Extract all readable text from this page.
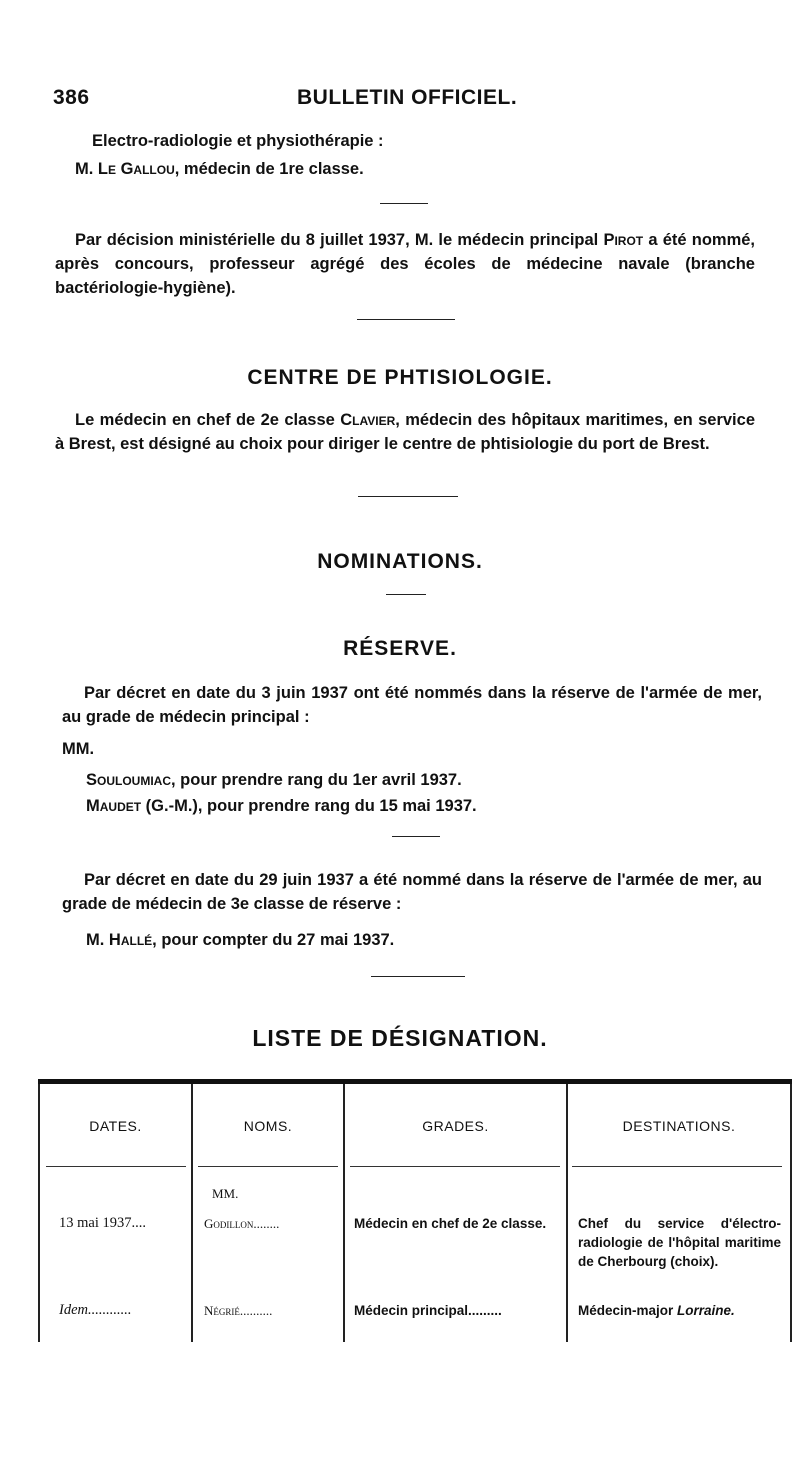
386	BULLETIN OFFICIEL.
Electro-radiologie et physiothérapie :
M. Le Gallou, médecin de 1re classe.
Par décision ministérielle du 8 juillet 1937, M. le médecin principal Pirot a été nommé, après concours, professeur agrégé des écoles de médecine navale (branche bactériologie-hygiène).
CENTRE DE PHTISIOLOGIE.
Le médecin en chef de 2e classe Clavier, médecin des hôpitaux maritimes, en service à Brest, est désigné au choix pour diriger le centre de phtisiologie du port de Brest.
NOMINATIONS.
RÉSERVE.
Par décret en date du 3 juin 1937 ont été nommés dans la réserve de l'armée de mer, au grade de médecin principal :
MM.
Souloumiac, pour prendre rang du 1er avril 1937.
Maudet (G.-M.), pour prendre rang du 15 mai 1937.
Par décret en date du 29 juin 1937 a été nommé dans la réserve de l'armée de mer, au grade de médecin de 3e classe de réserve :
M. Hallé, pour compter du 27 mai 1937.
LISTE DE DÉSIGNATION.
DATES.	NOMS.	GRADES.	DESTINATIONS.
MM.
13 mai 1937....	Godillon........	Médecin en chef de 2e classe.	Chef du service d'électro-radiologie de l'hôpital maritime de Cherbourg (choix).
Idem............	Négrié..........	Médecin principal.........	Médecin-major Lorraine.
